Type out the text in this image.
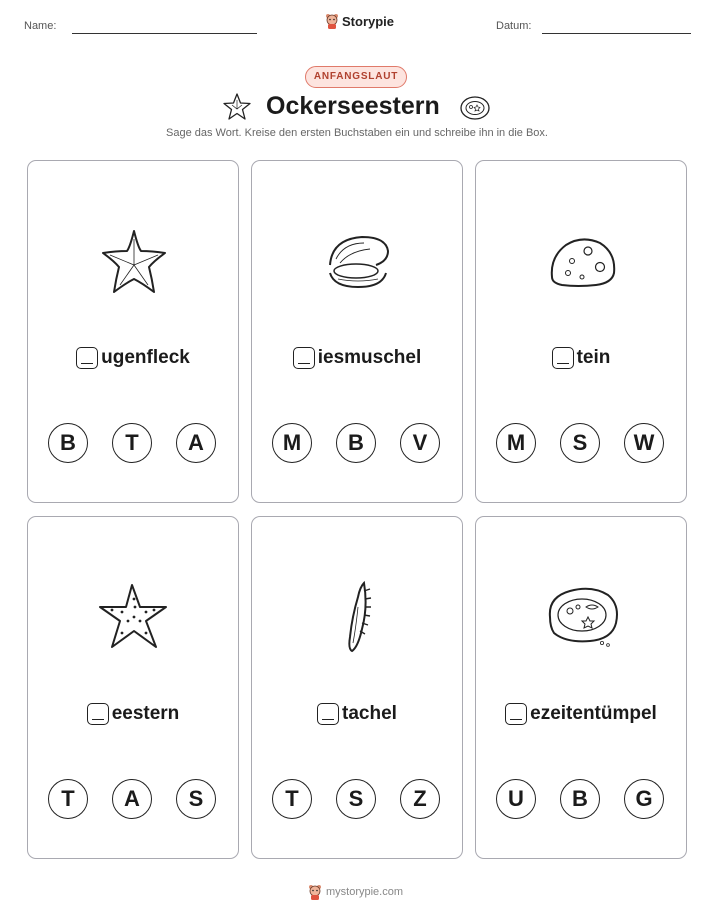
Name:	Storypie	Datum:
ANFANGSLAUT
Ockerseestern
Sage das Wort. Kreise den ersten Buchstaben ein und schreibe ihn in die Box.
ugenfleck
B	T	A
iesmuschel
M	B	V
tein
M	S	W
eestern
T	A	S
tachel
T	S	Z
ezeitentümpel
U	B	G
mystorypie.com
